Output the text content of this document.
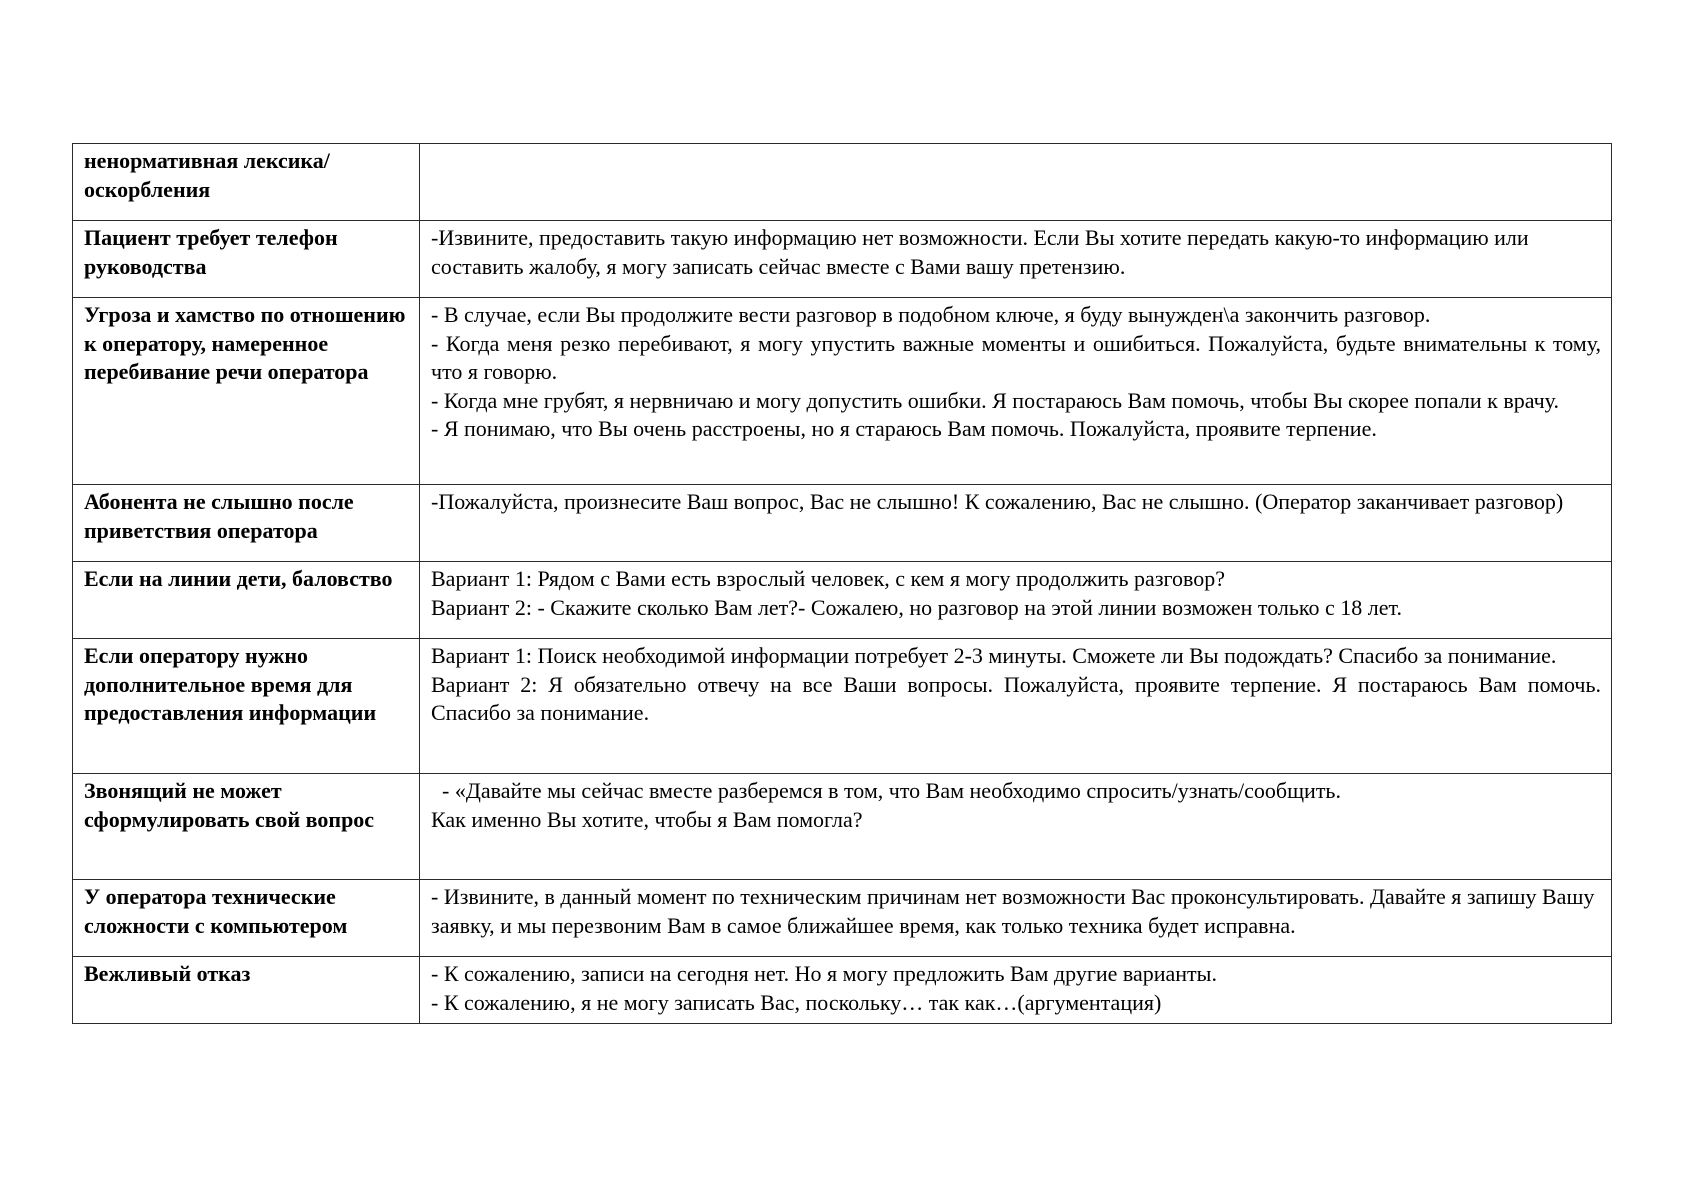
ненормативная лексика/оскорбления	
Пациент требует телефон руководства	-Извините, предоставить такую информацию нет возможности. Если Вы хотите передать какую-то информацию или составить жалобу, я могу записать сейчас вместе с Вами вашу претензию.

Угроза и хамство по отношению к оператору, намеренное перебивание речи оператора	- В случае, если Вы продолжите вести разговор в подобном ключе, я буду вынужден\а закончить разговор.
- Когда меня резко перебивают, я могу упустить важные моменты и ошибиться. Пожалуйста, будьте внимательны к тому, что я говорю.
- Когда мне грубят, я нервничаю и могу допустить ошибки. Я постараюсь Вам помочь, чтобы Вы скорее попали к врачу.
- Я понимаю, что Вы очень расстроены, но я стараюсь Вам помочь. Пожалуйста, проявите терпение.

Абонента не слышно после приветствия оператора	-Пожалуйста, произнесите Ваш вопрос, Вас не слышно! К сожалению, Вас не слышно. (Оператор заканчивает разговор)

Если на линии дети, баловство	Вариант 1: Рядом с Вами есть взрослый человек, с кем я могу продолжить разговор?
Вариант 2: - Скажите сколько Вам лет?- Сожалею, но разговор на этой линии возможен только с 18 лет.

Если оператору нужно дополнительное время для предоставления информации	Вариант 1: Поиск необходимой информации потребует 2-3 минуты. Сможете ли Вы подождать? Спасибо за понимание.
Вариант 2: Я обязательно отвечу на все Ваши вопросы. Пожалуйста, проявите терпение. Я постараюсь Вам помочь. Спасибо за понимание.

Звонящий не может сформулировать свой вопрос	- «Давайте мы сейчас вместе разберемся в том, что Вам необходимо спросить/узнать/сообщить.
Как именно Вы хотите, чтобы я Вам помогла?

У оператора технические сложности с компьютером	- Извините, в данный момент по техническим причинам нет возможности Вас проконсультировать. Давайте я запишу Вашу заявку, и мы перезвоним Вам в самое ближайшее время, как только техника будет исправна.

Вежливый отказ	- К сожалению, записи на сегодня нет. Но я могу предложить Вам другие варианты.
- К сожалению, я не могу записать Вас, поскольку… так как…(аргументация)
